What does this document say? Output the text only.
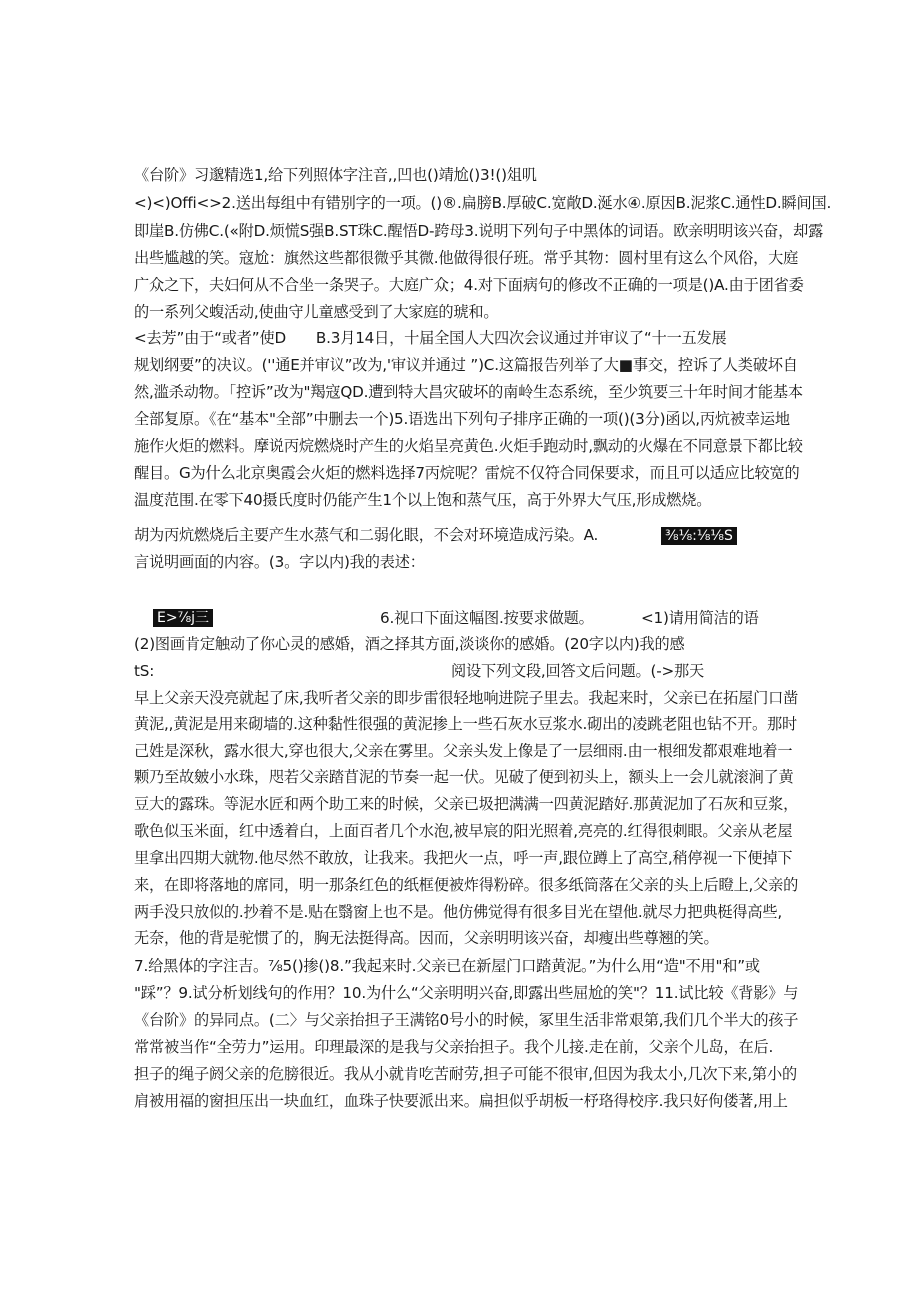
《台阶》习邈精选1,给下列照体字注音,,凹也()靖尬()3!()俎叽
<)<)Offi<>2.送出每组中有错别字的一项。()®.扁膀B.厚破C.宽敞D.涎水④.原因B.泥浆C.通性D.瞬间国.
即崖B.仿佛C.(«附D.烦慌S强B.ST珠C.醒悟D-跨母3.说明下列句子中黑体的词语。欧亲明明该兴奋，却露
出些尴越的笑。寇尬：旗然这些都很微乎其微.他做得很仔班。常乎其物：圆村里有这么个风俗，大庭
广众之下，夫妇何从不合坐一条哭子。大庭广众；4.对下面病句的修改不正确的一项是()A.由于团省委
的一系列父蝮活动,使曲守儿童感受到了大家庭的琥和。
<去芳”由于“或者”使D　　B.3月14日，十届全国人大四次会议通过并审议了“十一五发展
规划纲要”的决议。(''通E并审议”改为,'审议并通过 ”)C.这篇报告列举了大■事交，控诉了人类破坏自
然,滥杀动物。「控诉”改为"羯寇QD.遭到特大昌灾破坏的南岭生态系统，至少筑要三十年时间才能基本
全部复原。《在“基本"全部”中删去一个)5.语选出下列句子排序正确的一项()(3分)函以,丙炕被幸运地
施作火炬的燃料。摩说丙烷燃烧时产生的火焰呈亮黄色.火炬手跑动时,飘动的火爆在不同意景下都比较
醒目。G为什么北京奥霞会火炬的燃料选择7丙烷呢？雷烷不仅符合同保要求，而且可以适应比较宽的
温度范围.在零下40摄氏度时仍能产生1个以上饱和蒸气压，高于外界大气压,形成燃烧。
胡为丙炕燃烧后主要产生水蒸气和二弱化眼，不会对环境造成污染。A.	⅜⅛:⅛⅛S
言说明画面的内容。(3。字以内)我的表述：
E>⅞j三	6.视口下面这幅图.按要求做题。	<1)请用简洁的语
(2)图画肯定触动了你心灵的感婚，酒之择其方面,淡谈你的感婚。(20字以内)我的感
tS:	阅设下列文段,回答文后问题。(->那天
早上父亲天没亮就起了床,我听者父亲的即步雷很轻地响进院子里去。我起来时，父亲已在拓屋门口凿
黄泥,,黄泥是用来砌墙的.这种黏性很强的黄泥掺上一些石灰水豆浆水.砌出的凌跳老阻也钻不开。那时
己姓是深秋，露水很大,穿也很大,父亲在雾里。父亲头发上像是了一层细雨.由一根细发都艰难地着一
颗乃至故皴小水珠，咫若父亲踏苜泥的节奏一起一伏。见破了便到初头上，额头上一会儿就滚涧了黄
豆大的露珠。等泥水匠和两个助工来的时候，父亲已圾把满满一四黄泥踏好.那黄泥加了石灰和豆浆，
歌色似玉米面，红中透着白，上面百者几个水泡,被早宸的阳光照着,亮亮的.红得很刺眼。父亲从老屋
里拿出四期大就物.他尽然不敢放，让我来。我把火一点，呼一声,跟位蹲上了高空,稍停视一下便掉下
来，在即将落地的席同，明一那条红色的纸框便被炸得粉碎。很多纸筒落在父亲的头上后瞪上,父亲的
两手没只放似的.抄着不是.贴在翳窗上也不是。他仿佛觉得有很多目光在望他.就尽力把典梃得高些,
无奈，他的背是驼惯了的，胸无法挺得高。因而，父亲明明该兴奋，却瘦出些尊翘的笑。
7.给黑体的字注吉。⅞5()掺()8.”我起来时.父亲已在新屋门口踏黄泥。”为什么用“造"不用"和”或
"踩”？9.试分析划线句的作用？10.为什么“父亲明明兴奋,即露出些屈尬的笑"？11.试比较《背影》与
《台阶》的异同点。(二〉与父亲抬担子王满铭0号小的时候，冢里生活非常艰第,我们几个半大的孩子
常常被当作“全劳力”运用。印理最深的是我与父亲抬担子。我个儿接.走在前，父亲个儿岛，在后.
担子的绳子阏父亲的危膀很近。我从小就肯吃苦耐劳,担子可能不很审,但因为我太小,几次下来,第小的
肩被用福的窗担压出一块血红，血珠子快要派出来。扁担似乎胡板一杼珞得校序.我只好佝偻著,用上
